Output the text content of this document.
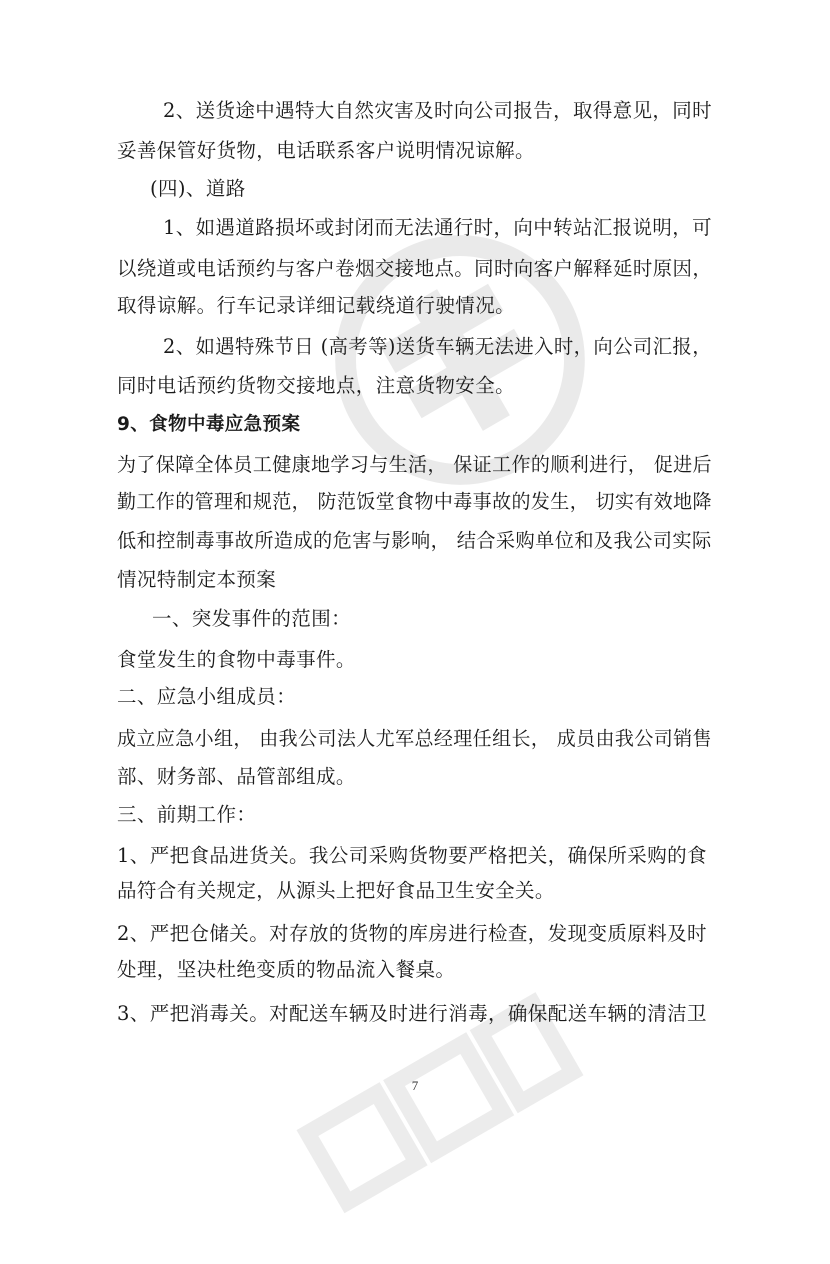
2、送货途中遇特大自然灾害及时向公司报告，取得意见，同时
妥善保管好货物，电话联系客户说明情况谅解。
(四)、道路
1、如遇道路损坏或封闭而无法通行时，向中转站汇报说明，可
以绕道或电话预约与客户卷烟交接地点。同时向客户解释延时原因，
取得谅解。行车记录详细记载绕道行驶情况。
2、如遇特殊节日 (高考等)送货车辆无法进入时，向公司汇报，
同时电话预约货物交接地点，注意货物安全。
9、食物中毒应急预案
为了保障全体员工健康地学习与生活， 保证工作的顺利进行， 促进后
勤工作的管理和规范， 防范饭堂食物中毒事故的发生， 切实有效地降
低和控制毒事故所造成的危害与影响， 结合采购单位和及我公司实际
情况特制定本预案
一、突发事件的范围：
食堂发生的食物中毒事件。
二、应急小组成员：
成立应急小组， 由我公司法人尤军总经理任组长， 成员由我公司销售
部、财务部、品管部组成。
三、前期工作：
1、严把食品进货关。我公司采购货物要严格把关，确保所采购的食
品符合有关规定，从源头上把好食品卫生安全关。
2、严把仓储关。对存放的货物的库房进行检查，发现变质原料及时
处理，坚决杜绝变质的物品流入餐桌。
3、严把消毒关。对配送车辆及时进行消毒，确保配送车辆的清洁卫
7
